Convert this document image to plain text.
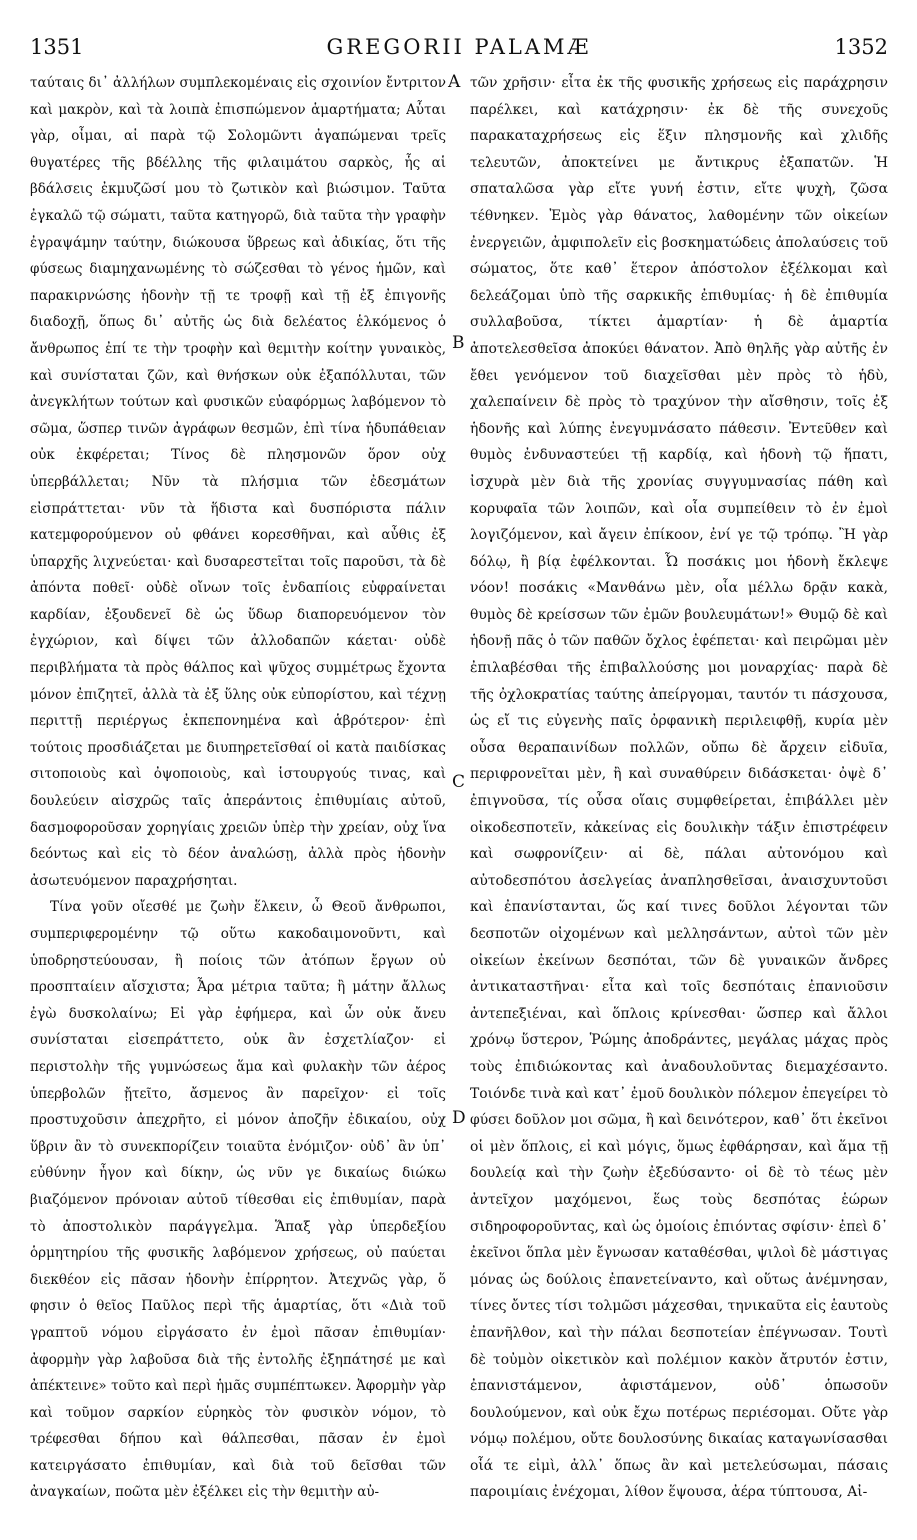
GREGORII PALAMÆ
1351	1352

ταύταις δι᾽ ἀλλήλων συμπλεκομέναις εἰς σχοινίον ἔντριτον καὶ μακρὸν, καὶ τὰ λοιπὰ ἐπισπώμενον ἁμαρτήματα; Αὗται γὰρ, οἶμαι, αἱ παρὰ τῷ Σολομῶντι ἀγαπώμεναι τρεῖς θυγατέρες τῆς βδέλλης τῆς φιλαιμάτου σαρκὸς, ἧς αἱ βδάλσεις ἐκμυζῶσί μου τὸ ζωτικὸν καὶ βιώσιμον. Ταῦτα ἐγκαλῶ τῷ σώματι, ταῦτα κατηγορῶ, διὰ ταῦτα τὴν γραφὴν ἐγραψάμην ταύτην, διώκουσα ὕβρεως καὶ ἀδικίας, ὅτι τῆς φύσεως διαμηχανωμένης τὸ σώζεσθαι τὸ γένος ἡμῶν, καὶ παρακιρνώσης ἡδονὴν τῇ τε τροφῇ καὶ τῇ ἐξ ἐπιγονῆς διαδοχῇ, ὅπως δι᾽ αὐτῆς ὡς διὰ δελέατος ἑλκόμενος ὁ ἄνθρωπος ἐπί τε τὴν τροφὴν καὶ θεμιτὴν κοίτην γυναικὸς, καὶ συνίσταται ζῶν, καὶ θνήσκων οὐκ ἐξαπόλλυται, τῶν ἀνεγκλήτων τούτων καὶ φυσικῶν εὐαφόρμως λαβόμενον τὸ σῶμα, ὥσπερ τινῶν ἀγράφων θεσμῶν, ἐπὶ τίνα ἡδυπάθειαν οὐκ ἐκφέρεται; Τίνος δὲ πλησμονῶν ὅρον οὐχ ὑπερβάλλεται; Νῦν τὰ πλήσμια τῶν ἐδεσμάτων εἰσπράττεται· νῦν τὰ ἥδιστα καὶ δυσπόριστα πάλιν κατεμφορούμενον οὐ φθάνει κορεσθῆναι, καὶ αὖθις ἐξ ὑπαρχῆς λιχνεύεται· καὶ δυσαρεστεῖται τοῖς παροῦσι, τὰ δὲ ἀπόντα ποθεῖ· οὐδὲ οἴνων τοῖς ἐνδαπίοις εὐφραίνεται καρδίαν, ἐξουδενεῖ δὲ ὡς ὕδωρ διαπορευόμενον τὸν ἐγχώριον, καὶ δίψει τῶν ἀλλοδαπῶν κάεται· οὐδὲ περιβλήματα τὰ πρὸς θάλπος καὶ ψῦχος συμμέτρως ἔχοντα μόνον ἐπιζητεῖ, ἀλλὰ τὰ ἐξ ὕλης οὐκ εὐπορίστου, καὶ τέχνῃ περιττῇ περιέργως ἐκπεπονημένα καὶ ἁβρότερον· ἐπὶ τούτοις προσδιάζεται με διυπηρετεῖσθαί οἱ κατὰ παιδίσκας σιτοποιοὺς καὶ ὀψοποιοὺς, καὶ ἱστουργούς τινας, καὶ δουλεύειν αἰσχρῶς ταῖς ἀπεράντοις ἐπιθυμίαις αὐτοῦ, δασμοφοροῦσαν χορηγίαις χρειῶν ὑπὲρ τὴν χρείαν, οὐχ ἵνα δεόντως καὶ εἰς τὸ δέον ἀναλώσῃ, ἀλλὰ πρὸς ἡδονὴν ἀσωτευόμενον παραχρήσηται.

Τίνα γοῦν οἴεσθέ με ζωὴν ἕλκειν, ὦ Θεοῦ ἄνθρωποι, συμπεριφερομένην τῷ οὕτω κακοδαιμονοῦντι, καὶ ὑποδρηστεύουσαν, ἢ ποίοις τῶν ἀτόπων ἔργων οὐ προσπταίειν αἴσχιστα; Ἆρα μέτρια ταῦτα; ἢ μάτην ἄλλως ἐγὼ δυσκολαίνω; Εἰ γὰρ ἐφήμερα, καὶ ὧν οὐκ ἄνευ συνίσταται εἰσεπράττετο, οὐκ ἂν ἐσχετλίαζον· εἰ περιστολὴν τῆς γυμνώσεως ἅμα καὶ φυλακὴν τῶν ἀέρος ὑπερβολῶν ᾔτεῖτο, ἄσμενος ἂν παρεῖχον· εἰ τοῖς προστυχοῦσιν ἀπεχρῆτο, εἰ μόνον ἀποζῆν ἐδικαίου, οὐχ ὕβριν ἂν τὸ συνεκπορίζειν τοιαῦτα ἐνόμιζον· οὐδ᾽ ἂν ὑπ᾽ εὐθύνην ἦγον καὶ δίκην, ὡς νῦν γε δικαίως διώκω βιαζόμενον πρόνοιαν αὐτοῦ τίθεσθαι εἰς ἐπιθυμίαν, παρὰ τὸ ἀποστολικὸν παράγγελμα. Ἅπαξ γὰρ ὑπερδεξίου ὁρμητηρίου τῆς φυσικῆς λαβόμενον χρήσεως, οὐ παύεται διεκθέον εἰς πᾶσαν ἡδονὴν ἐπίρρητον. Ἀτεχνῶς γὰρ, ὅ φησιν ὁ θεῖος Παῦλος περὶ τῆς ἁμαρτίας, ὅτι «Διὰ τοῦ γραπτοῦ νόμου εἰργάσατο ἐν ἐμοὶ πᾶσαν ἐπιθυμίαν· ἀφορμὴν γὰρ λαβοῦσα διὰ τῆς ἐντολῆς ἐξηπάτησέ με καὶ ἀπέκτεινε» τοῦτο καὶ περὶ ἡμᾶς συμπέπτωκεν. Ἀφορμὴν γὰρ καὶ τοῦμον σαρκίον εὑρηκὸς τὸν φυσικὸν νόμον, τὸ τρέφεσθαι δήπου καὶ θάλπεσθαι, πᾶσαν ἐν ἐμοὶ κατειργάσατο ἐπιθυμίαν, καὶ διὰ τοῦ δεῖσθαι τῶν ἀναγκαίων, ποῶτα μὲν ἐξέλκει εἰς τὴν θεμιτὴν αὐ-

τῶν χρῆσιν· εἶτα ἐκ τῆς φυσικῆς χρήσεως εἰς παράχρησιν παρέλκει, καὶ κατάχρησιν· ἐκ δὲ τῆς συνεχοῦς παρακαταχρήσεως εἰς ἕξιν πλησμονῆς καὶ χλιδῆς τελευτῶν, ἀποκτείνει με ἄντικρυς ἐξαπατῶν. Ἡ σπαταλῶσα γὰρ εἴτε γυνή ἐστιν, εἴτε ψυχὴ, ζῶσα τέθνηκεν. Ἐμὸς γὰρ θάνατος, λαθομένην τῶν οἰκείων ἐνεργειῶν, ἀμφιπολεῖν εἰς βοσκηματώδεις ἀπολαύσεις τοῦ σώματος, ὅτε καθ᾽ ἕτερον ἀπόστολον ἐξέλκομαι καὶ δελεάζομαι ὑπὸ τῆς σαρκικῆς ἐπιθυμίας· ἡ δὲ ἐπιθυμία συλλαβοῦσα, τίκτει ἁμαρτίαν· ἡ δὲ ἁμαρτία ἀποτελεσθεῖσα ἀποκύει θάνατον. Ἀπὸ θηλῆς γὰρ αὐτῆς ἐν ἔθει γενόμενον τοῦ διαχεῖσθαι μὲν πρὸς τὸ ἡδὺ, χαλεπαίνειν δὲ πρὸς τὸ τραχύνον τὴν αἴσθησιν, τοῖς ἐξ ἡδονῆς καὶ λύπης ἐνεγυμνάσατο πάθεσιν. Ἐντεῦθεν καὶ θυμὸς ἐνδυναστεύει τῇ καρδίᾳ, καὶ ἡδονὴ τῷ ἥπατι, ἰσχυρὰ μὲν διὰ τῆς χρονίας συγγυμνασίας πάθη καὶ κορυφαῖα τῶν λοιπῶν, καὶ οἷα συμπείθειν τὸ ἐν ἐμοὶ λογιζόμενον, καὶ ἄγειν ἐπίκοον, ἐνί γε τῷ τρόπῳ. Ἢ γὰρ δόλῳ, ἢ βίᾳ ἐφέλκονται. Ὦ ποσάκις μοι ἡδονὴ ἔκλεψε νόον! ποσάκις «Μανθάνω μὲν, οἷα μέλλω δρᾷν κακὰ, θυμὸς δὲ κρείσσων τῶν ἐμῶν βουλευμάτων!» Θυμῷ δὲ καὶ ἡδονῇ πᾶς ὁ τῶν παθῶν ὄχλος ἐφέπεται· καὶ πειρῶμαι μὲν ἐπιλαβέσθαι τῆς ἐπιβαλλούσης μοι μοναρχίας· παρὰ δὲ τῆς ὀχλοκρατίας ταύτης ἀπείργομαι, ταυτόν τι πάσχουσα, ὡς εἴ τις εὐγενὴς παῖς ὀρφανικὴ περιλειφθῇ, κυρία μὲν οὖσα θεραπαινίδων πολλῶν, οὔπω δὲ ἄρχειν εἰδυῖα, περιφρονεῖται μὲν, ἢ καὶ συναθύρειν διδάσκεται· ὀψὲ δ᾽ ἐπιγνοῦσα, τίς οὖσα οἵαις συμφθείρεται, ἐπιβάλλει μὲν οἰκοδεσποτεῖν, κἀκείνας εἰς δουλικὴν τάξιν ἐπιστρέφειν καὶ σωφρονίζειν· αἱ δὲ, πάλαι αὐτονόμου καὶ αὐτοδεσπότου ἀσελγείας ἀναπλησθεῖσαι, ἀναισχυντοῦσι καὶ ἐπανίστανται, ὥς καί τινες δοῦλοι λέγονται τῶν δεσποτῶν οἰχομένων καὶ μελλησάντων, αὐτοὶ τῶν μὲν οἰκείων ἐκείνων δεσπόται, τῶν δὲ γυναικῶν ἄνδρες ἀντικαταστῆναι· εἶτα καὶ τοῖς δεσπόταις ἐπανιοῦσιν ἀντεπεξιέναι, καὶ ὅπλοις κρίνεσθαι· ὥσπερ καὶ ἄλλοι χρόνῳ ὕστερον, Ῥώμης ἀποδράντες, μεγάλας μάχας πρὸς τοὺς ἐπιδιώκοντας καὶ ἀναδουλοῦντας διεμαχέσαντο. Τοιόνδε τινὰ καὶ κατ᾽ ἐμοῦ δουλικὸν πόλεμον ἐπεγείρει τὸ φύσει δοῦλον μοι σῶμα, ἢ καὶ δεινότερον, καθ᾽ ὅτι ἐκεῖνοι οἱ μὲν ὅπλοις, εἰ καὶ μόγις, ὅμως ἐφθάρησαν, καὶ ἅμα τῇ δουλείᾳ καὶ τὴν ζωὴν ἐξεδύσαντο· οἱ δὲ τὸ τέως μὲν ἀντεῖχον μαχόμενοι, ἕως τοὺς δεσπότας ἑώρων σιδηροφοροῦντας, καὶ ὡς ὁμοίοις ἐπιόντας σφίσιν· ἐπεὶ δ᾽ ἐκεῖνοι ὅπλα μὲν ἔγνωσαν καταθέσθαι, ψιλοὶ δὲ μάστιγας μόνας ὡς δούλοις ἐπανετείναντο, καὶ οὕτως ἀνέμνησαν, τίνες ὄντες τίσι τολμῶσι μάχεσθαι, τηνικαῦτα εἰς ἑαυτοὺς ἐπανῆλθον, καὶ τὴν πάλαι δεσποτείαν ἐπέγνωσαν. Τουτὶ δὲ τοὐμὸν οἰκετικὸν καὶ πολέμιον κακὸν ἄτρυτόν ἐστιν, ἐπανιστάμενον, ἀφιστάμενον, οὐδ᾽ ὁπωσοῦν δουλούμενον, καὶ οὐκ ἔχω ποτέρως περιέσομαι. Οὔτε γὰρ νόμῳ πολέμου, οὔτε δουλοσύνης δικαίας καταγωνίσασθαι οἷά τε εἰμὶ, ἀλλ᾽ ὅπως ἂν καὶ μετελεύσωμαι, πάσαις παροιμίαις ἐνέχομαι, λίθον ἕψουσα, ἀέρα τύπτουσα, Αἰ-

A
B
C
D
